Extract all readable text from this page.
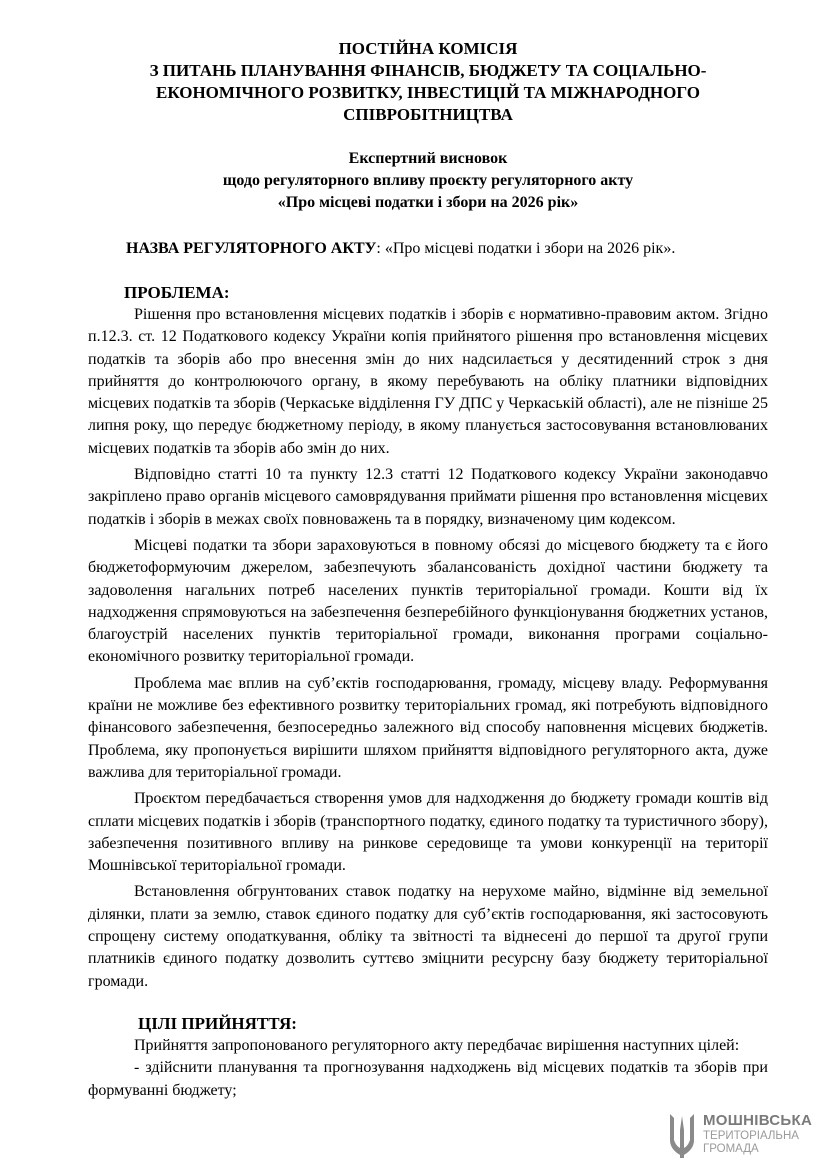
ПОСТІЙНА КОМІСІЯ

З ПИТАНЬ ПЛАНУВАННЯ ФІНАНСІВ, БЮДЖЕТУ ТА СОЦІАЛЬНО-

ЕКОНОМІЧНОГО РОЗВИТКУ, ІНВЕСТИЦІЙ ТА МІЖНАРОДНОГО

СПІВРОБІТНИЦТВА

Експертний висновок

щодо регуляторного впливу проєкту регуляторного акту

«Про місцеві податки і збори на 2026 рік»

НАЗВА РЕГУЛЯТОРНОГО АКТУ: «Про місцеві податки і збори на 2026 рік».

ПРОБЛЕМА:

Рішення про встановлення місцевих податків і зборів є нормативно-правовим актом. Згідно п.12.3. ст. 12 Податкового кодексу України копія прийнятого рішення про встановлення місцевих податків та зборів або про внесення змін до них надсилається у десятиденний строк з дня прийняття до контролюючого органу, в якому перебувають на обліку платники відповідних місцевих податків та зборів (Черкаське відділення ГУ ДПС у Черкаській області), але не пізніше 25 липня року, що передує бюджетному періоду, в якому планується застосовування встановлюваних місцевих податків та зборів або змін до них.

Відповідно статті 10 та пункту 12.3 статті 12 Податкового кодексу України законодавчо закріплено право органів місцевого самоврядування приймати рішення про встановлення місцевих податків і зборів в межах своїх повноважень та в порядку, визначеному цим кодексом.

Місцеві податки та збори зараховуються в повному обсязі до місцевого бюджету та є його бюджетоформуючим джерелом, забезпечують збалансованість дохідної частини бюджету та задоволення нагальних потреб населених пунктів територіальної громади. Кошти від їх надходження спрямовуються на забезпечення безперебійного функціонування бюджетних установ, благоустрій населених пунктів територіальної громади, виконання програми соціально-економічного розвитку територіальної громади.

Проблема має вплив на суб’єктів господарювання, громаду, місцеву владу. Реформування країни не можливе без ефективного розвитку територіальних громад, які потребують відповідного фінансового забезпечення, безпосередньо залежного від способу наповнення місцевих бюджетів. Проблема, яку пропонується вирішити шляхом прийняття відповідного регуляторного акта, дуже важлива для територіальної громади.

Проєктом передбачається створення умов для надходження до бюджету громади коштів від сплати місцевих податків і зборів (транспортного податку, єдиного податку та туристичного збору), забезпечення позитивного впливу на ринкове середовище та умови конкуренції на території Мошнівської територіальної громади.

Встановлення обгрунтованих ставок податку на нерухоме майно, відмінне від земельної ділянки, плати за землю, ставок єдиного податку для суб’єктів господарювання, які застосовують спрощену систему оподаткування, обліку та звітності та віднесені до першої та другої групи платників єдиного податку дозволить суттєво зміцнити ресурсну базу бюджету територіальної громади.

ЦІЛІ ПРИЙНЯТТЯ:

Прийняття запропонованого регуляторного акту передбачає вирішення наступних цілей:

- здійснити планування та прогнозування надходжень від місцевих податків та зборів при формуванні бюджету;

МОШНІВСЬКА
ТЕРИТОРІАЛЬНА
ГРОМАДА
